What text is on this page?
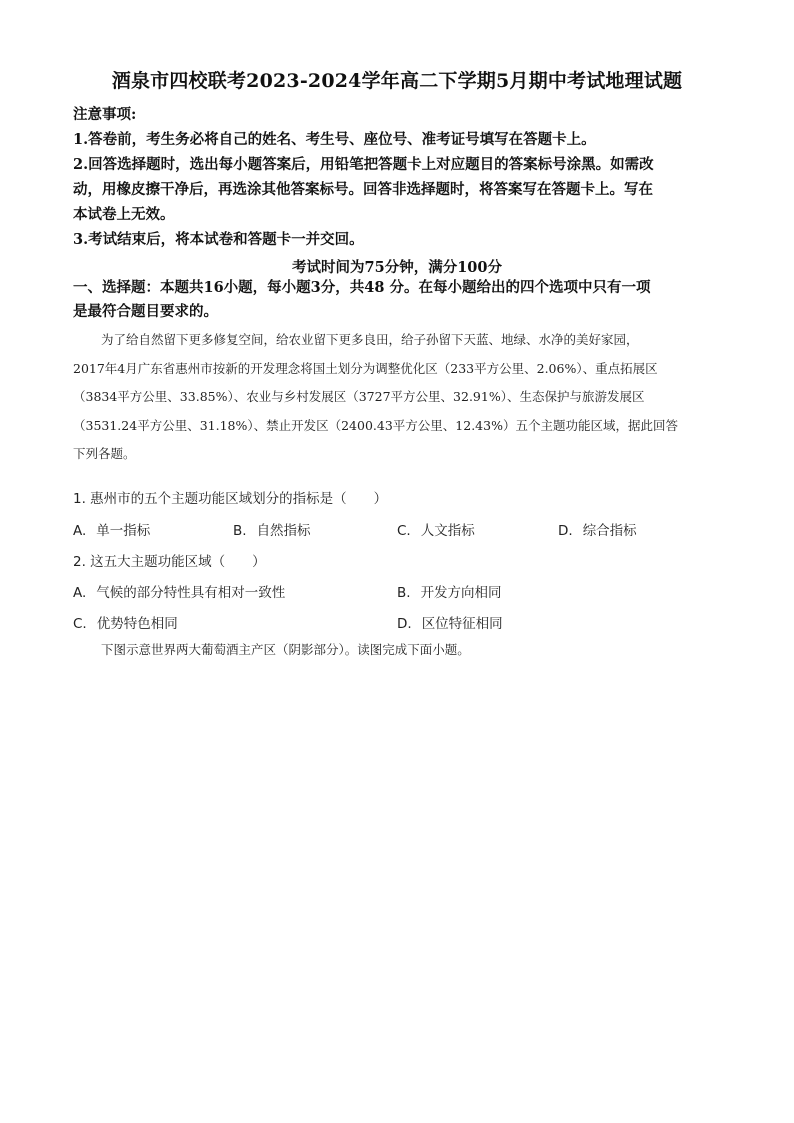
酒泉市四校联考2023-2024学年高二下学期5月期中考试地理试题
注意事项:
1.答卷前，考生务必将自己的姓名、考生号、座位号、准考证号填写在答题卡上。
2.回答选择题时，选出每小题答案后，用铅笔把答题卡上对应题目的答案标号涂黑。如需改
动，用橡皮擦干净后，再选涂其他答案标号。回答非选择题时，将答案写在答题卡上。写在
本试卷上无效。
3.考试结束后，将本试卷和答题卡一并交回。
考试时间为75分钟，满分100分
一、选择题：本题共16小题，每小题3分，共48 分。在每小题给出的四个选项中只有一项
是最符合题目要求的。
为了给自然留下更多修复空间，给农业留下更多良田，给子孙留下天蓝、地绿、水净的美好家园，
2017年4月广东省惠州市按新的开发理念将国土划分为调整优化区（233平方公里、2.06%）、重点拓展区
（3834平方公里、33.85%）、农业与乡村发展区（3727平方公里、32.91%）、生态保护与旅游发展区
（3531.24平方公里、31.18%）、禁止开发区（2400.43平方公里、12.43%）五个主题功能区域，据此回答
下列各题。
1. 惠州市的五个主题功能区域划分的指标是（　　）
A. 单一指标	B. 自然指标	C. 人文指标	D. 综合指标
2. 这五大主题功能区域（　　）
A. 气候的部分特性具有相对一致性	B. 开发方向相同
C. 优势特色相同	D. 区位特征相同
下图示意世界两大葡萄酒主产区（阴影部分）。读图完成下面小题。
